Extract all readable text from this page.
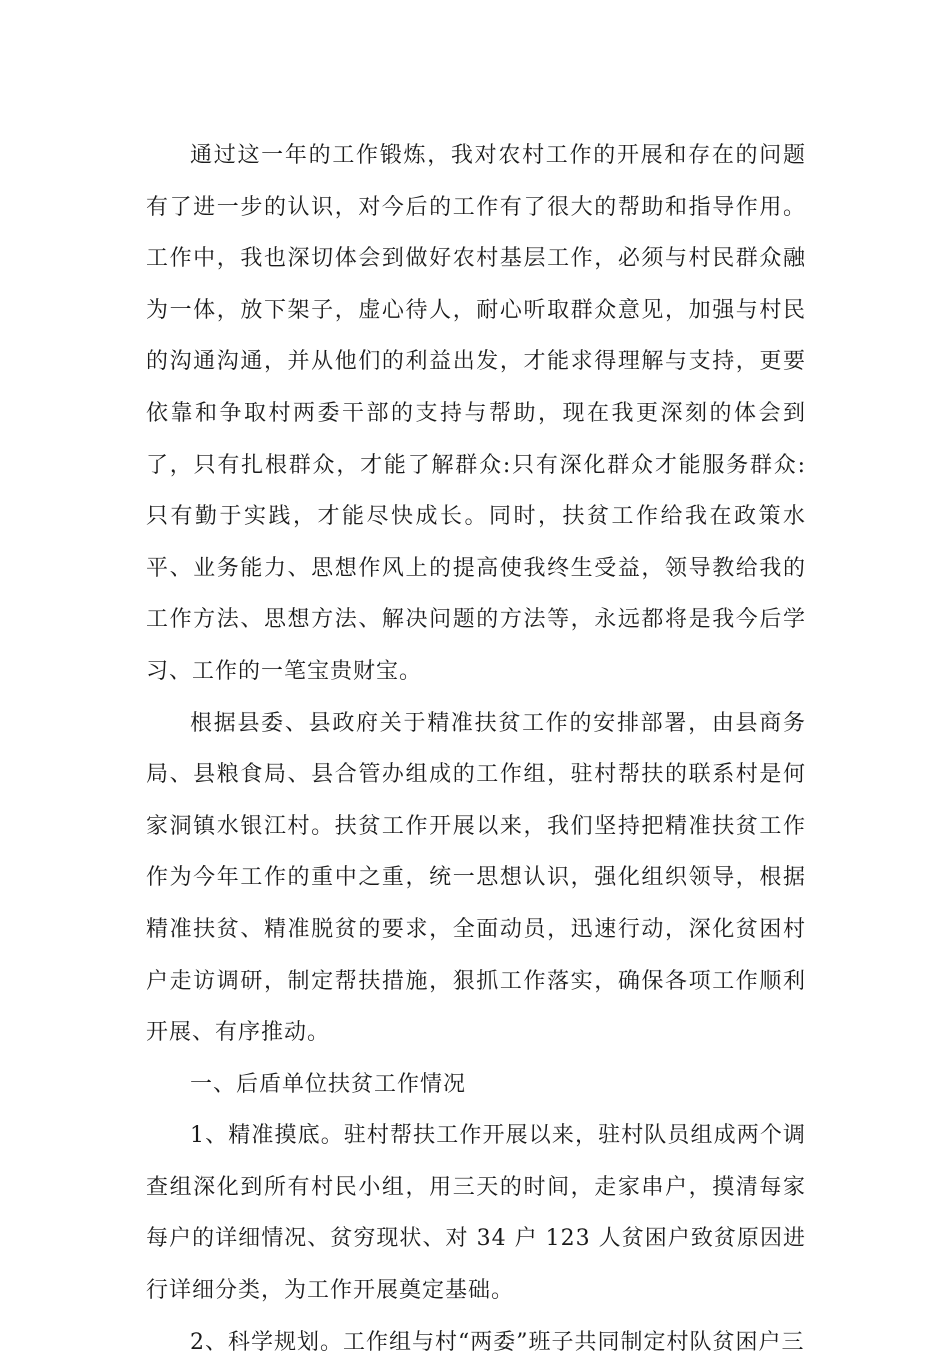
通过这一年的工作锻炼，我对农村工作的开展和存在的问题有了进一步的认识，对今后的工作有了很大的帮助和指导作用。工作中，我也深切体会到做好农村基层工作，必须与村民群众融为一体，放下架子，虚心待人，耐心听取群众意见，加强与村民的沟通沟通，并从他们的利益出发，才能求得理解与支持，更要依靠和争取村两委干部的支持与帮助，现在我更深刻的体会到了，只有扎根群众，才能了解群众:只有深化群众才能服务群众:只有勤于实践，才能尽快成长。同时，扶贫工作给我在政策水平、业务能力、思想作风上的提高使我终生受益，领导教给我的工作方法、思想方法、解决问题的方法等，永远都将是我今后学习、工作的一笔宝贵财宝。

根据县委、县政府关于精准扶贫工作的安排部署，由县商务局、县粮食局、县合管办组成的工作组，驻村帮扶的联系村是何家洞镇水银江村。扶贫工作开展以来，我们坚持把精准扶贫工作作为今年工作的重中之重，统一思想认识，强化组织领导，根据精准扶贫、精准脱贫的要求，全面动员，迅速行动，深化贫困村户走访调研，制定帮扶措施，狠抓工作落实，确保各项工作顺利开展、有序推动。

一、后盾单位扶贫工作情况

1、精准摸底。驻村帮扶工作开展以来，驻村队员组成两个调查组深化到所有村民小组，用三天的时间，走家串户，摸清每家每户的详细情况、贫穷现状、对 34 户 123 人贫困户致贫原因进行详细分类，为工作开展奠定基础。

2、科学规划。工作组与村“两委”班子共同制定村队贫困户三
